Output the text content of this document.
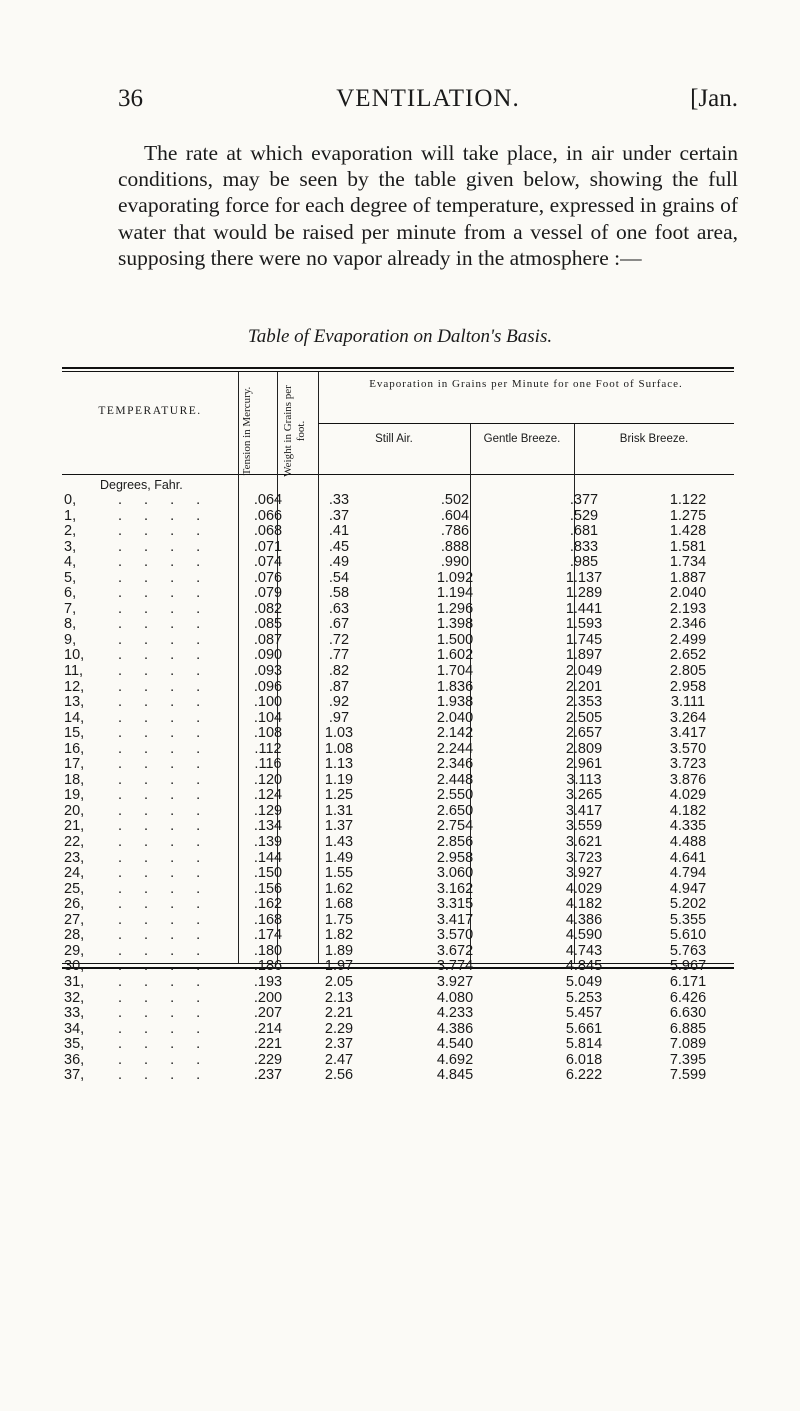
36	VENTILATION.	[Jan.

The rate at which evaporation will take place, in air under certain conditions, may be seen by the table given below, showing the full evaporating force for each degree of temperature, expressed in grains of water that would be raised per minute from a vessel of one foot area, supposing there were no vapor already in the atmosphere :—

Table of Evaporation on Dalton's Basis.
TEMPERATURE.	Tension in Mercury.	Weight in Grains per foot.
Evaporation in Grains per Minute for one Foot of Surface.
Still Air.	Gentle Breeze.	Brisk Breeze.
Degrees, Fahr.
0,	.064	.33	.502	.377	1.122
. . . .
1,	.066	.37	.604	.529	1.275
. . . .
2,	.068	.41	.786	.681	1.428
. . . .
3,	.071	.45	.888	.833	1.581
. . . .
4,	.074	.49	.990	.985	1.734
. . . .
5,	.076	.54	1.092	1.137	1.887
. . . .
6,	.079	.58	1.194	1.289	2.040
. . . .
7,	.082	.63	1.296	1.441	2.193
. . . .
8,	.085	.67	1.398	1.593	2.346
. . . .
9,	.087	.72	1.500	1.745	2.499
. . . .
10,	.090	.77	1.602	1.897	2.652
. . . .
11,	.093	.82	1.704	2.049	2.805
. . . .
12,	.096	.87	1.836	2.201	2.958
. . . .
13,	.100	.92	1.938	2.353	3.111
. . . .
14,	.104	.97	2.040	2.505	3.264
. . . .
15,	.108	1.03	2.142	2.657	3.417
. . . .
16,	.112	1.08	2.244	2.809	3.570
. . . .
17,	.116	1.13	2.346	2.961	3.723
. . . .
18,	.120	1.19	2.448	3.113	3.876
. . . .
19,	.124	1.25	2.550	3.265	4.029
. . . .
20,	.129	1.31	2.650	3.417	4.182
. . . .
21,	.134	1.37	2.754	3.559	4.335
. . . .
22,	.139	1.43	2.856	3.621	4.488
. . . .
23,	.144	1.49	2.958	3.723	4.641
. . . .
24,	.150	1.55	3.060	3.927	4.794
. . . .
25,	.156	1.62	3.162	4.029	4.947
. . . .
26,	.162	1.68	3.315	4.182	5.202
. . . .
27,	.168	1.75	3.417	4.386	5.355
. . . .
28,	.174	1.82	3.570	4.590	5.610
. . . .
29,	.180	1.89	3.672	4.743	5.763
. . . .
30,	.186	1.97	3.774	4.845	5.967
. . . .
31,	.193	2.05	3.927	5.049	6.171
. . . .
32,	.200	2.13	4.080	5.253	6.426
. . . .
33,	.207	2.21	4.233	5.457	6.630
. . . .
34,	.214	2.29	4.386	5.661	6.885
. . . .
35,	.221	2.37	4.540	5.814	7.089
. . . .
36,	.229	2.47	4.692	6.018	7.395
. . . .
37,	.237	2.56	4.845	6.222	7.599
. . . .
